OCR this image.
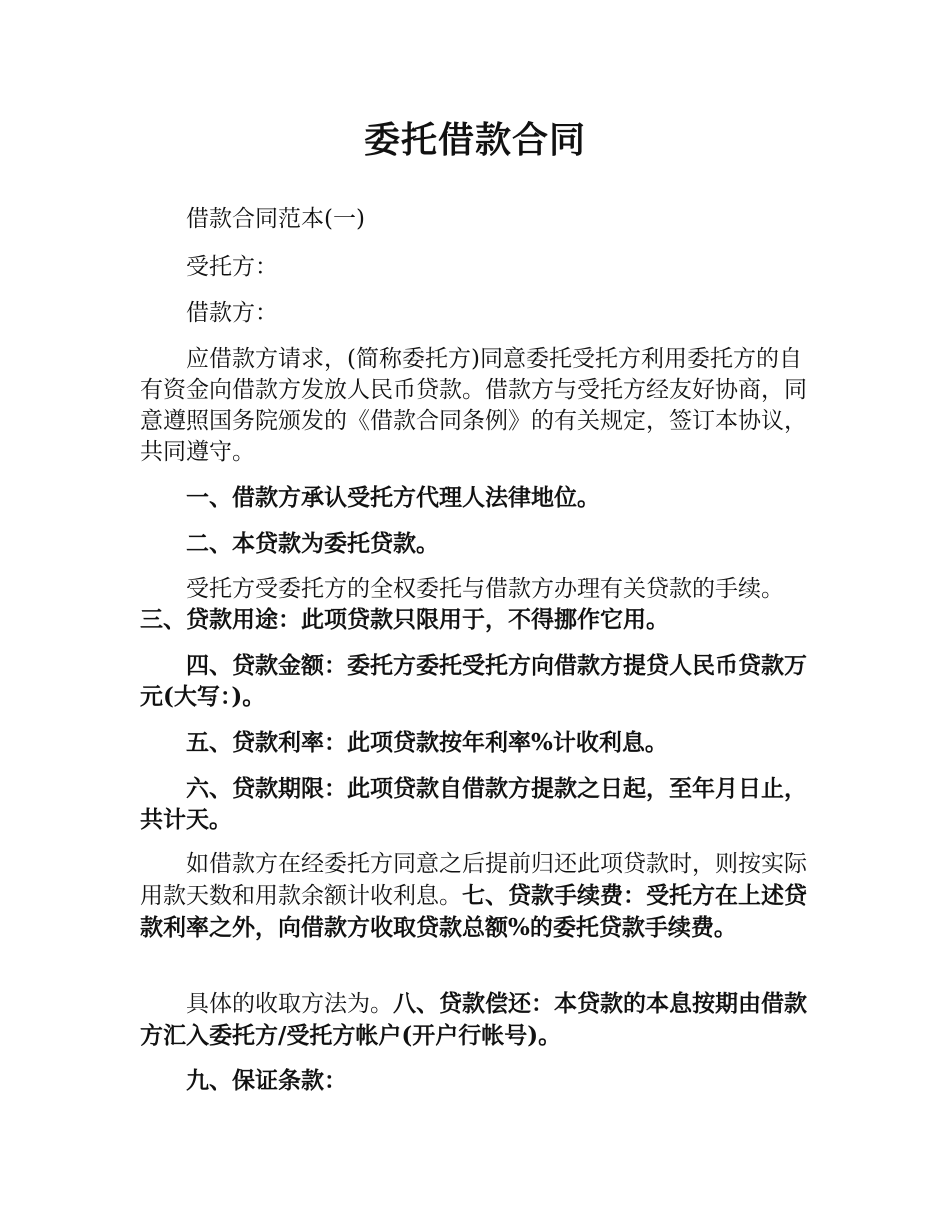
委托借款合同

借款合同范本(一)

受托方：

借款方：

应借款方请求，(简称委托方)同意委托受托方利用委托方的自有资金向借款方发放人民币贷款。借款方与受托方经友好协商，同意遵照国务院颁发的《借款合同条例》的有关规定，签订本协议，共同遵守。

一、借款方承认受托方代理人法律地位。

二、本贷款为委托贷款。

受托方受委托方的全权委托与借款方办理有关贷款的手续。

三、贷款用途：此项贷款只限用于，不得挪作它用。

四、贷款金额：委托方委托受托方向借款方提贷人民币贷款万元(大写：)。

五、贷款利率：此项贷款按年利率%计收利息。

六、贷款期限：此项贷款自借款方提款之日起，至年月日止，共计天。

如借款方在经委托方同意之后提前归还此项贷款时，则按实际用款天数和用款余额计收利息。七、贷款手续费：受托方在上述贷款利率之外，向借款方收取贷款总额%的委托贷款手续费。

具体的收取方法为。八、贷款偿还：本贷款的本息按期由借款方汇入委托方/受托方帐户(开户行帐号)。

九、保证条款：
